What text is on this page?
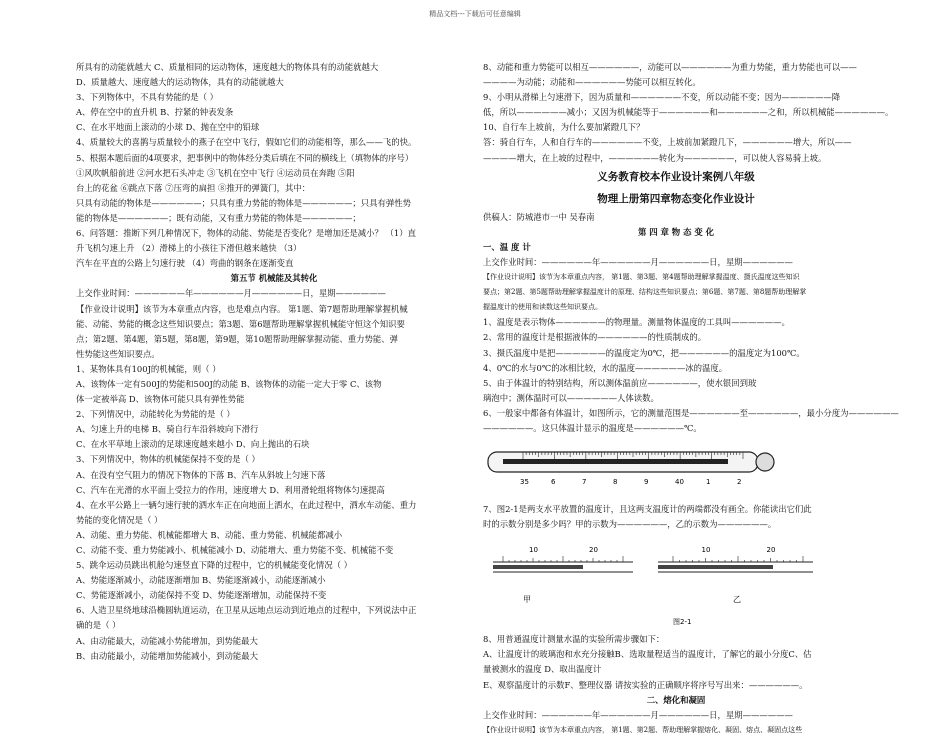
精品文档---下载后可任意编辑
所具有的动能就越大 C、质量相同的运动物体，速度越大的物体具有的动能就越大
D、质量越大、速度越大的运动物体，具有的动能就越大
3、下列物体中，不具有势能的是（ ）
A、停在空中的直升机 B、拧紧的钟表发条
C、在水平地面上滚动的小球 D、抛在空中的铅球
4、质量较大的喜鹊与质量较小的燕子在空中飞行，假如它们的动能相等，那么——飞的快。
5、根据本题后面的4项要求，把事例中的物体经分类后填在不同的横线上（填物体的序号）
①风吹帆船前进 ②河水把石头冲走 ③飞机在空中飞行 ④运动员在奔跑 ⑤阳
台上的花盆 ⑥跳点下落 ⑦压弯的扁担 ⑧推开的弹簧门，其中：
只具有动能的物体是——————；只具有重力势能的物体是——————；只具有弹性势
能的物体是——————；既有动能，又有重力势能的物体是——————；
6、问答题：推断下列几种情况下，物体的动能、势能是否变化？是增加还是减小？ （1）直
升飞机匀速上升 （2）滑梯上的小孩往下滑但越来越快 （3）
汽车在平直的公路上匀速行驶 （4）弯曲的钢条在逐渐变直
第五节 机械能及其转化
上交作业时间：——————年——————月——————日，星期——————
【作业设计说明】该节为本章重点内容，也是难点内容。 第1题、第7题帮助理解掌握机械
能、动能、势能的概念这些知识要点；第3题、第6题帮助理解掌握机械能守恒这个知识要
点；第2题、第4题，第5题，第8题，第9题，第10题帮助理解掌握动能、重力势能、弹
性势能这些知识要点。
1、某物体具有100J的机械能，则（ ）
A、该物体一定有500J的势能和500J的动能 B、该物体的动能一定大于零 C、该物
体一定被举高 D、该物体可能只具有弹性势能
2、下列情况中，动能转化为势能的是（ ）
A、匀速上升的电梯 B、骑自行车沿斜坡向下滑行
C、在水平草地上滚动的足球速度越来越小 D、向上抛出的石块
3、下列情况中，物体的机械能保持不变的是（ ）
A、在没有空气阻力的情况下物体的下落 B、汽车从斜坡上匀速下落
C、汽车在光滑的水平面上受拉力的作用，速度增大 D、利用滑轮组将物体匀速提高
4、在水平公路上一辆匀速行驶的洒水车正在向地面上洒水，在此过程中，洒水车动能、重力
势能的变化情况是（ ）
A、动能、重力势能、机械能都增大 B、动能、重力势能、机械能都减小
C、动能不变、重力势能减小、机械能减小 D、动能增大、重力势能不变、机械能不变
5、跳伞运动员跳出机舱匀速竖直下降的过程中，它的机械能变化情况（ ）
A、势能逐渐减小，动能逐渐增加 B、势能逐渐减小，动能逐渐减小
C、势能逐渐减小，动能保持不变 D、势能逐渐增加，动能保持不变
6、人造卫星绕地球沿椭圆轨道运动，在卫星从远地点运动到近地点的过程中，下列说法中正
确的是（ ）
A、由动能最大，动能减小势能增加，到势能最大
B、由动能最小，动能增加势能减小，到动能最大
8、动能和重力势能可以相互——————，动能可以——————为重力势能，重力势能也可以——
————为动能；动能和——————势能可以相互转化。
9、小明从滑梯上匀速滑下，因为质量和——————不变，所以动能不变；因为——————降
低，所以——————减小；又因为机械能等于——————和——————之和，所以机械能——————。
10、自行车上坡前，为什么要加紧蹬几下？
答：骑自行车，人和自行车的——————不变，上坡前加紧蹬几下，——————增大，所以——
————增大，在上坡的过程中，——————转化为——————，可以使人容易骑上坡。
义务教育校本作业设计案例八年级
物理上册第四章物态变化作业设计
供稿人：防城港市一中 吴春南
第 四 章 物 态 变 化
一、温 度 计
上交作业时间：——————年——————月——————日，星期——————
【作业设计说明】该节为本章重点内容， 第1题、第3题、第4题帮助理解掌握温度、摄氏温度这些知识
要点；第2题、第5题帮助理解掌握温度计的原理、结构这些知识要点；第6题、第7题、第8题帮助理解掌
握温度计的使用和读数这些知识要点。
1、温度是表示物体——————的物理量。测量物体温度的工具叫——————。
2、常用的温度计是根据液体的——————的性质制成的。
3、摄氏温度中是把——————的温度定为0℃，把——————的温度定为100℃。
4、0℃的水与0℃的冰相比较，水的温度——————冰的温度。
5、由于体温计的特别结构，所以测体温前应——————，使水银回到玻
璃泡中；测体温时可以——————人体读数。
6、一般家中都备有体温计，如图所示，它的测量范围是——————至——————，最小分度为——————
——————。这只体温计显示的温度是——————℃。
35	6	7	8	9	40	1	2
7、图2-1是两支水平放置的温度计，且这两支温度计的两端都没有画全。你能读出它们此
时的示数分别是多少吗？甲的示数为——————，乙的示数为——————。
10	20
甲
10	20
乙
图2-1
8、用普通温度计测量水温的实验所需步骤如下：
A、让温度计的玻璃泡和水充分接触B、选取量程适当的温度计，了解它的最小分度C、估
量被测水的温度 D、取出温度计
E、观察温度计的示数F、整理仪器 请按实验的正确顺序将序号写出来：——————。
二、熔化和凝固
上交作业时间：——————年——————月——————日，星期——————
【作业设计说明】该节为本章重点内容， 第1题、第2题、帮助理解掌握熔化、凝固、熔点、凝固点这些
